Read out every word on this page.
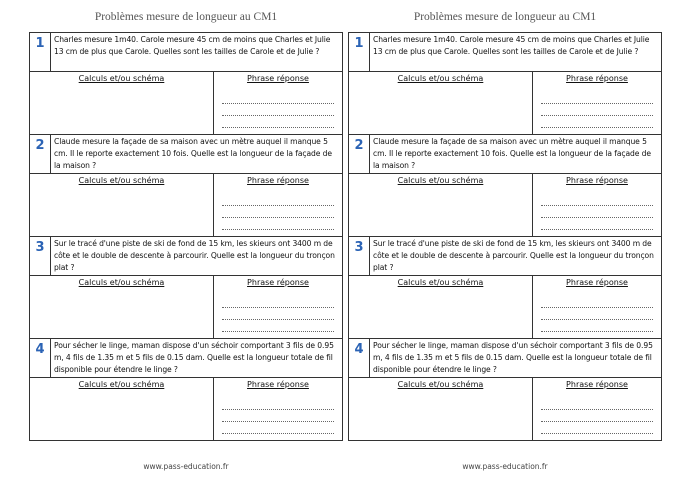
Problèmes mesure de longueur au CM1
1	Charles mesure 1m40. Carole mesure 45 cm de moins que Charles et Julie 13 cm de plus que Carole. Quelles sont les tailles de Carole et de Julie ?
Calculs et/ou schéma	Phrase réponse
2	Claude mesure la façade de sa maison avec un mètre auquel il manque 5 cm. Il le reporte exactement 10 fois. Quelle est la longueur de la façade de la maison ?
Calculs et/ou schéma	Phrase réponse
3	Sur le tracé d'une piste de ski de fond de 15 km, les skieurs ont 3400 m de côte et le double de descente à parcourir. Quelle est la longueur du tronçon plat ?
Calculs et/ou schéma	Phrase réponse
4	Pour sécher le linge, maman dispose d'un séchoir comportant 3 fils de 0.95 m, 4 fils de 1.35 m et 5 fils de 0.15 dam. Quelle est la longueur totale de fil disponible pour étendre le linge ?
Calculs et/ou schéma	Phrase réponse
www.pass-education.fr
Problèmes mesure de longueur au CM1
1	Charles mesure 1m40. Carole mesure 45 cm de moins que Charles et Julie 13 cm de plus que Carole. Quelles sont les tailles de Carole et de Julie ?
Calculs et/ou schéma	Phrase réponse
2	Claude mesure la façade de sa maison avec un mètre auquel il manque 5 cm. Il le reporte exactement 10 fois. Quelle est la longueur de la façade de la maison ?
Calculs et/ou schéma	Phrase réponse
3	Sur le tracé d'une piste de ski de fond de 15 km, les skieurs ont 3400 m de côte et le double de descente à parcourir. Quelle est la longueur du tronçon plat ?
Calculs et/ou schéma	Phrase réponse
4	Pour sécher le linge, maman dispose d'un séchoir comportant 3 fils de 0.95 m, 4 fils de 1.35 m et 5 fils de 0.15 dam. Quelle est la longueur totale de fil disponible pour étendre le linge ?
Calculs et/ou schéma	Phrase réponse
www.pass-education.fr
